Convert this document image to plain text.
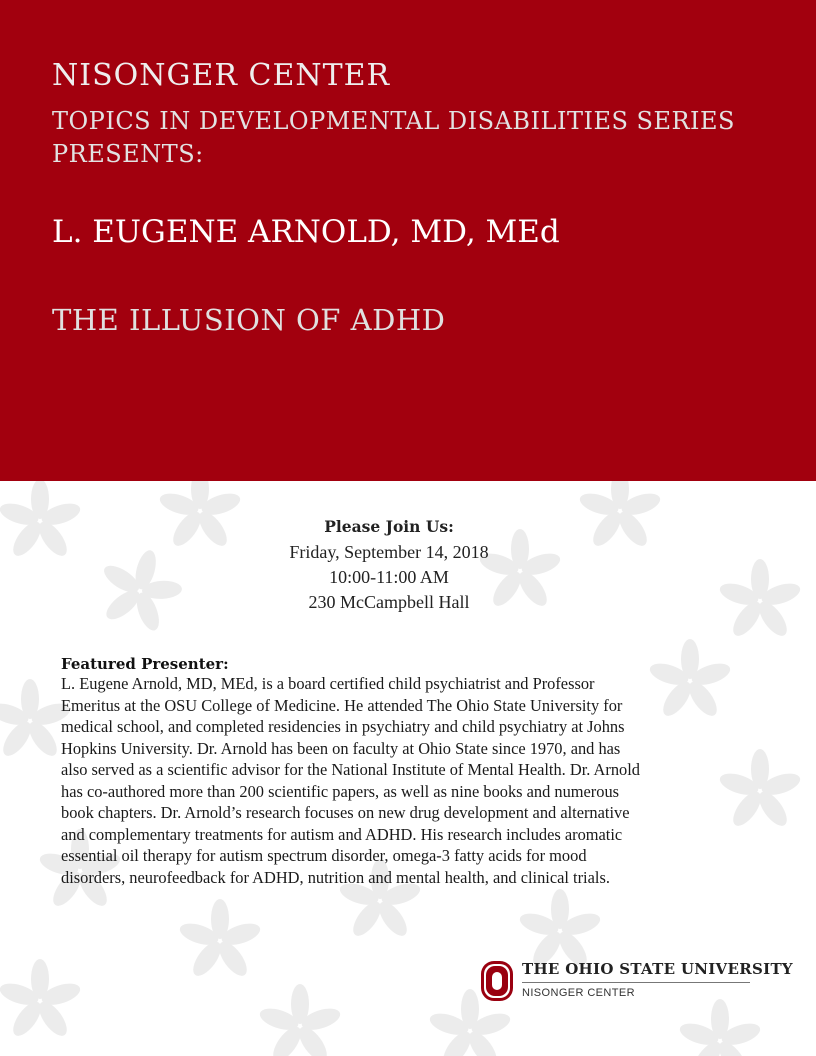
NISONGER CENTER
TOPICS IN DEVELOPMENTAL DISABILITIES SERIES
PRESENTS:
L. EUGENE ARNOLD, MD, MEd
THE ILLUSION OF ADHD
Please Join Us:
Friday, September 14, 2018
10:00-11:00 AM
230 McCampbell Hall
Featured Presenter:
L. Eugene Arnold, MD, MEd, is a board certified child psychiatrist and Professor
Emeritus at the OSU College of Medicine. He attended The Ohio State University for
medical school, and completed residencies in psychiatry and child psychiatry at Johns
Hopkins University. Dr. Arnold has been on faculty at Ohio State since 1970, and has
also served as a scientific advisor for the National Institute of Mental Health. Dr. Arnold
has co-authored more than 200 scientific papers, as well as nine books and numerous
book chapters. Dr. Arnold’s research focuses on new drug development and alternative
and complementary treatments for autism and ADHD. His research includes aromatic
essential oil therapy for autism spectrum disorder, omega-3 fatty acids for mood
disorders, neurofeedback for ADHD, nutrition and mental health, and clinical trials.
THE OHIO STATE UNIVERSITY
NISONGER CENTER
